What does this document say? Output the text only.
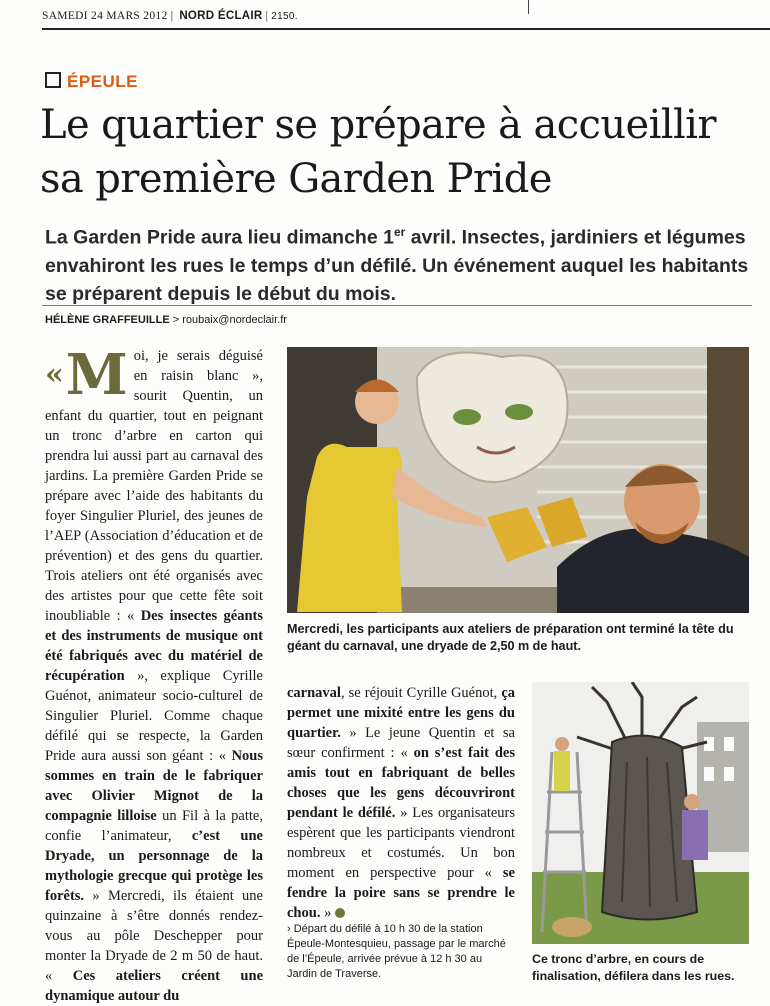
SAMEDI 24 MARS 2012 | NORD ÉCLAIR | 2150.
ÉPEULE
Le quartier se prépare à accueillir
sa première Garden Pride
La Garden Pride aura lieu dimanche 1er avril. Insectes, jardiniers et légumes envahiront les rues le temps d’un défilé. Un événement auquel les habitants se préparent depuis le début du mois.
HÉLÈNE GRAFFEUILLE > roubaix@nordeclair.fr
«M oi, je serais déguisé en raisin blanc », sourit Quentin, un enfant du quartier, tout en peignant un tronc d’arbre en carton qui prendra lui aussi part au carnaval des jardins. La première Garden Pride se prépare avec l’aide des habitants du foyer Singulier Pluriel, des jeunes de l’AEP (Association d’éducation et de prévention) et des gens du quartier. Trois ateliers ont été organisés avec des artistes pour que cette fête soit inoubliable : « Des insectes géants et des instruments de musique ont été fabriqués avec du matériel de récupération », explique Cyrille Guénot, animateur socio-culturel de Singulier Pluriel. Comme chaque défilé qui se respecte, la Garden Pride aura aussi son géant : « Nous sommes en train de le fabriquer avec Olivier Mignot de la compagnie lilloise un Fil à la patte, confie l’animateur, c’est une Dryade, un personnage de la mythologie grecque qui protège les forêts. » Mercredi, ils étaient une quinzaine à s’être donnés rendez-vous au pôle Deschepper pour monter la Dryade de 2 m 50 de haut. « Ces ateliers créent une dynamique autour du
Mercredi, les participants aux ateliers de préparation ont terminé la tête du géant du carnaval, une dryade de 2,50 m de haut.
carnaval, se réjouit Cyrille Guénot, ça permet une mixité entre les gens du quartier. » Le jeune Quentin et sa sœur confirment : « on s’est fait des amis tout en fabriquant de belles choses que les gens découvriront pendant le défilé. » Les organisateurs espèrent que les participants viendront nombreux et costumés. Un bon moment en perspective pour « se fendre la poire sans se prendre le chou. »
› Départ du défilé à 10 h 30 de la station Épeule-Montesquieu, passage par le marché de l’Épeule, arrivée prévue à 12 h 30 au Jardin de Traverse.
Ce tronc d’arbre, en cours de finalisation, défilera dans les rues.
